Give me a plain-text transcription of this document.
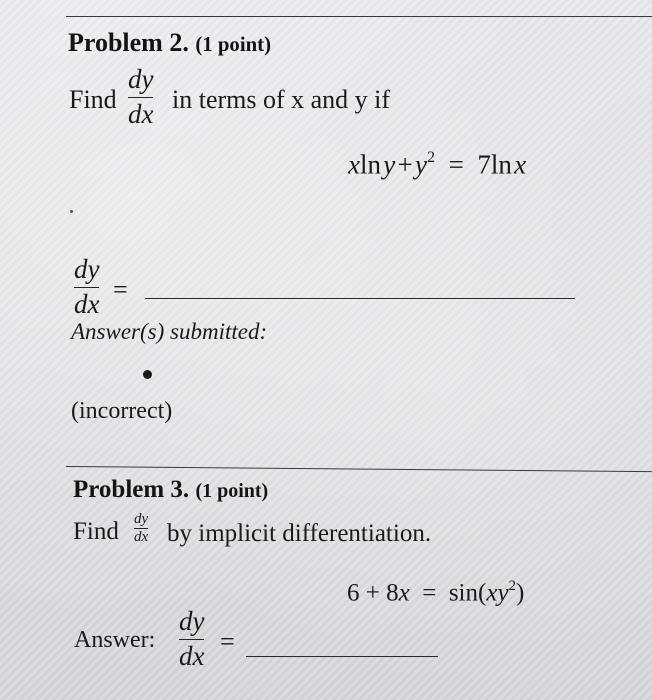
Problem 2. (1 point)
Find
dy
dx in terms of x and y if
xln y + $y^2$  =  7ln x
dy
dx =
Answer(s) submitted:
(incorrect)
Problem 3. (1 point)
Find dy
dx by implicit differentiation.
6 + 8x  =  $\sin(xy^2)$
Answer:
dy
dx =
